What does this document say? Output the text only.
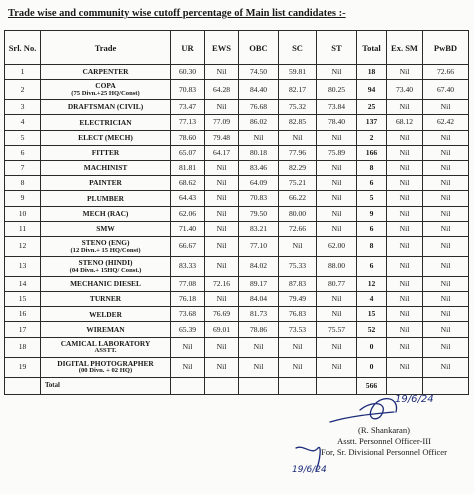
Trade wise and community wise cutoff percentage of Main list candidates :-
Srl. No.	Trade	UR	EWS	OBC	SC	ST	Total	Ex. SM	PwBD
1	CARPENTER	60.30	Nil	74.50	59.81	Nil	18	Nil	72.66
2	COPA
(75 Divn.+25 HQ/Const)	70.83	64.28	84.40	82.17	80.25	94	73.40	67.40
3	DRAFTSMAN (CIVIL)	73.47	Nil	76.68	75.32	73.84	25	Nil	Nil
4	ELECTRICIAN	77.13	77.09	86.02	82.85	78.40	137	68.12	62.42
5	ELECT (MECH)	78.60	79.48	Nil	Nil	Nil	2	Nil	Nil
6	FITTER	65.07	64.17	80.18	77.96	75.89	166	Nil	Nil
7	MACHINIST	81.81	Nil	83.46	82.29	Nil	8	Nil	Nil
8	PAINTER	68.62	Nil	64.09	75.21	Nil	6	Nil	Nil
9	PLUMBER	64.43	Nil	70.83	66.22	Nil	5	Nil	Nil
10	MECH (RAC)	62.06	Nil	79.50	80.00	Nil	9	Nil	Nil
11	SMW	71.40	Nil	83.21	72.66	Nil	6	Nil	Nil
12	STENO (ENG)
(12 Divn.+ 15 HQ/Const)	66.67	Nil	77.10	Nil	62.00	8	Nil	Nil
13	STENO (HINDI)
(04 Divn.+ 15HQ/ Const.)	83.33	Nil	84.02	75.33	88.00	6	Nil	Nil
14	MECHANIC DIESEL	77.08	72.16	89.17	87.83	80.77	12	Nil	Nil
15	TURNER	76.18	Nil	84.04	79.49	Nil	4	Nil	Nil
16	WELDER	73.68	76.69	81.73	76.83	Nil	15	Nil	Nil
17	WIREMAN	65.39	69.01	78.86	73.53	75.57	52	Nil	Nil
18	CAMICAL LABORATORY
ASSTT.	Nil	Nil	Nil	Nil	Nil	0	Nil	Nil
19	DIGITAL PHOTOGRAPHER
(00 Divn. + 02 HQ)	Nil	Nil	Nil	Nil	Nil	0	Nil	Nil
	Total						566		
19/6/24
19/6/24
(R. Shankaran)
Asstt. Personnel Officer-III
For, Sr. Divisional Personnel Officer
